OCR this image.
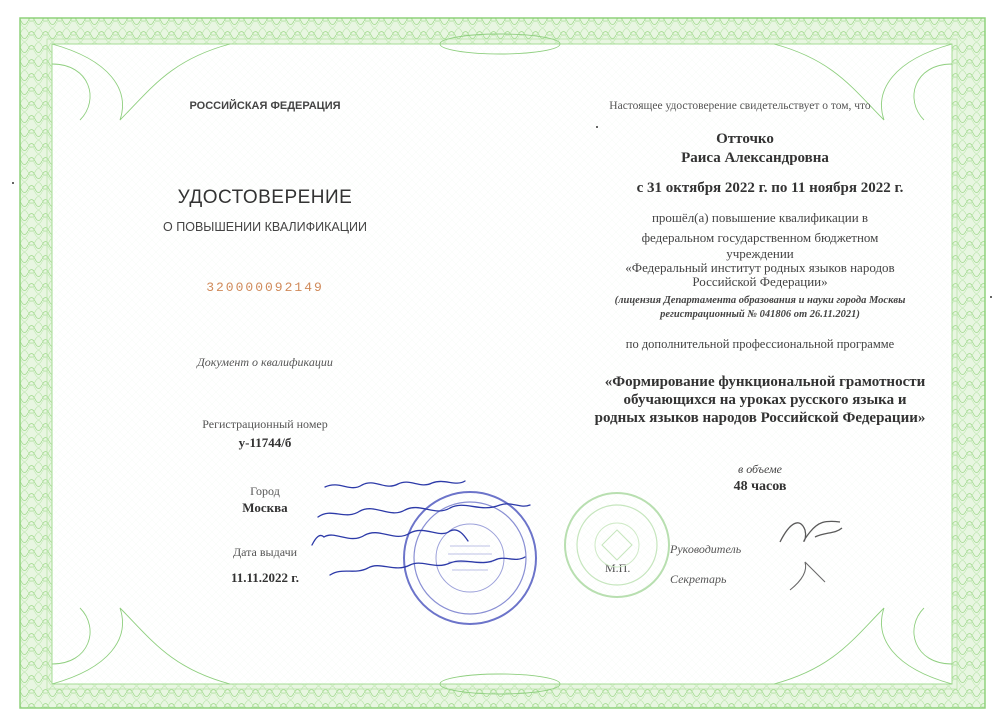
РОССИЙСКАЯ ФЕДЕРАЦИЯ
УДОСТОВЕРЕНИЕ
О ПОВЫШЕНИИ КВАЛИФИКАЦИИ
320000092149
Документ о квалификации
Регистрационный номер
у-11744/б
Город
Москва
Дата выдачи
11.11.2022 г.
Настоящее удостоверение свидетельствует о том, что
Отточко
Раиса Александровна
с 31 октября 2022 г. по 11 ноября 2022 г.
прошёл(а) повышение квалификации в
федеральном государственном бюджетном
учреждении
«Федеральный институт родных языков народов
Российской Федерации»
(лицензия Департамента образования и науки города Москвы
регистрационный № 041806 от 26.11.2021)
по дополнительной профессиональной программе
«Формирование функциональной грамотности
обучающихся на уроках русского языка и
родных языков народов Российской Федерации»
в объеме
48 часов
М.П.
Руководитель
Секретарь
